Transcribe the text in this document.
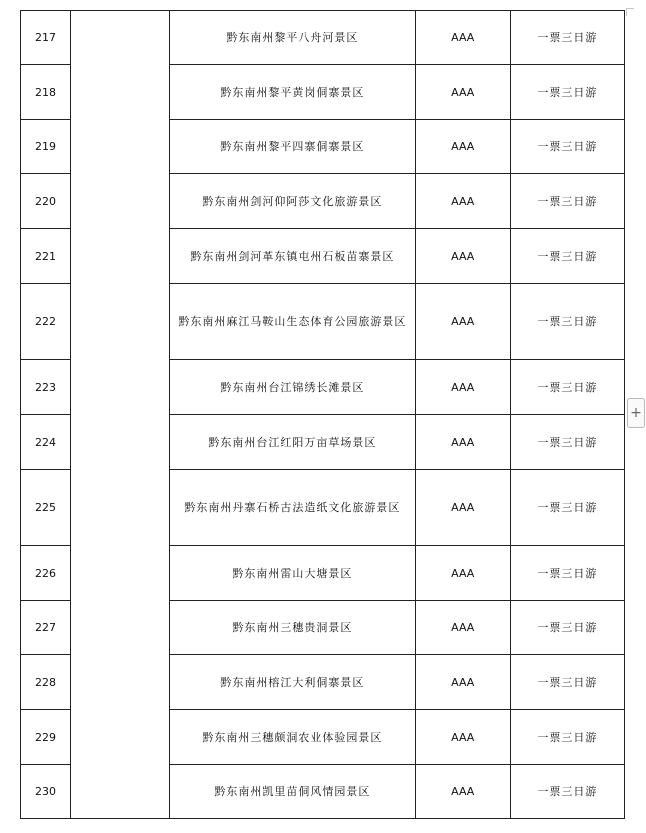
217		黔东南州黎平八舟河景区	AAA	一票三日游
218		黔东南州黎平黄岗侗寨景区	AAA	一票三日游
219		黔东南州黎平四寨侗寨景区	AAA	一票三日游
220		黔东南州剑河仰阿莎文化旅游景区	AAA	一票三日游
221		黔东南州剑河革东镇屯州石板苗寨景区	AAA	一票三日游
222		黔东南州麻江马鞍山生态体育公园旅游景区	AAA	一票三日游
223		黔东南州台江锦绣长滩景区	AAA	一票三日游
224		黔东南州台江红阳万亩草场景区	AAA	一票三日游
225		黔东南州丹寨石桥古法造纸文化旅游景区	AAA	一票三日游
226		黔东南州雷山大塘景区	AAA	一票三日游
227		黔东南州三穗贵洞景区	AAA	一票三日游
228		黔东南州榕江大利侗寨景区	AAA	一票三日游
229		黔东南州三穗颇洞农业体验园景区	AAA	一票三日游
230		黔东南州凯里苗侗风情园景区	AAA	一票三日游
+
